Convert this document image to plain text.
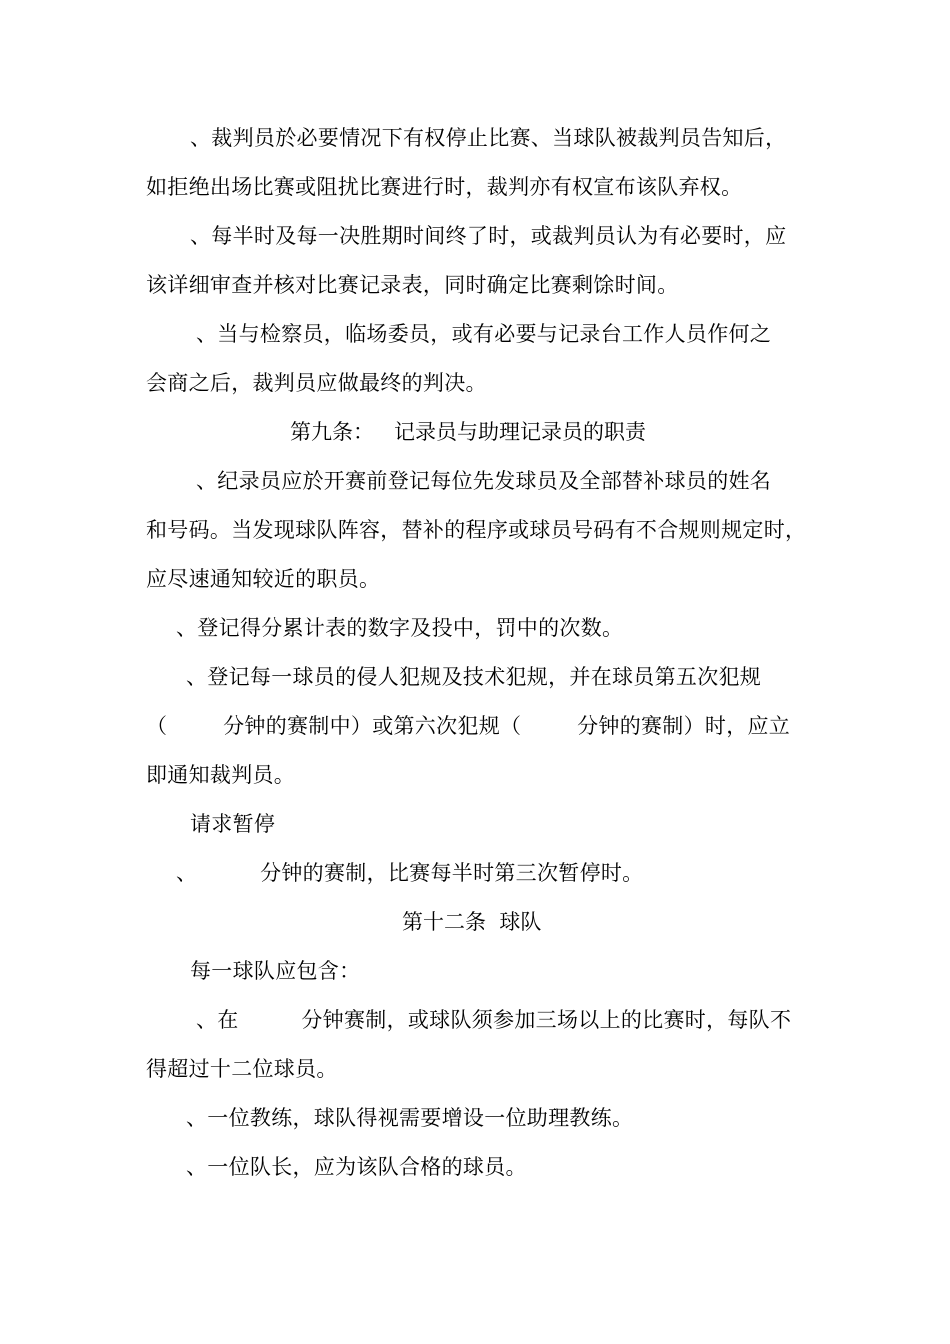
、裁判员於必要情况下有权停止比赛、当球队被裁判员告知后，
如拒绝出场比赛或阻扰比赛进行时，裁判亦有权宣布该队弃权。
、每半时及每一决胜期时间终了时，或裁判员认为有必要时，应
该详细审查并核对比赛记录表，同时确定比赛剩馀时间。
、当与检察员，临场委员，或有必要与记录台工作人员作何之
会商之后，裁判员应做最终的判决。
第九条：   记录员与助理记录员的职责
、纪录员应於开赛前登记每位先发球员及全部替补球员的姓名
和号码。当发现球队阵容，替补的程序或球员号码有不合规则规定时，
应尽速通知较近的职员。
、登记得分累计表的数字及投中，罚中的次数。
、登记每一球员的侵人犯规及技术犯规，并在球员第五次犯规
（        分钟的赛制中）或第六次犯规（        分钟的赛制）时，应立
即通知裁判员。
请求暂停
、         分钟的赛制，比赛每半时第三次暂停时。
第十二条  球队
每一球队应包含：
、在         分钟赛制，或球队须参加三场以上的比赛时，每队不
得超过十二位球员。
、一位教练，球队得视需要增设一位助理教练。
、一位队长，应为该队合格的球员。
